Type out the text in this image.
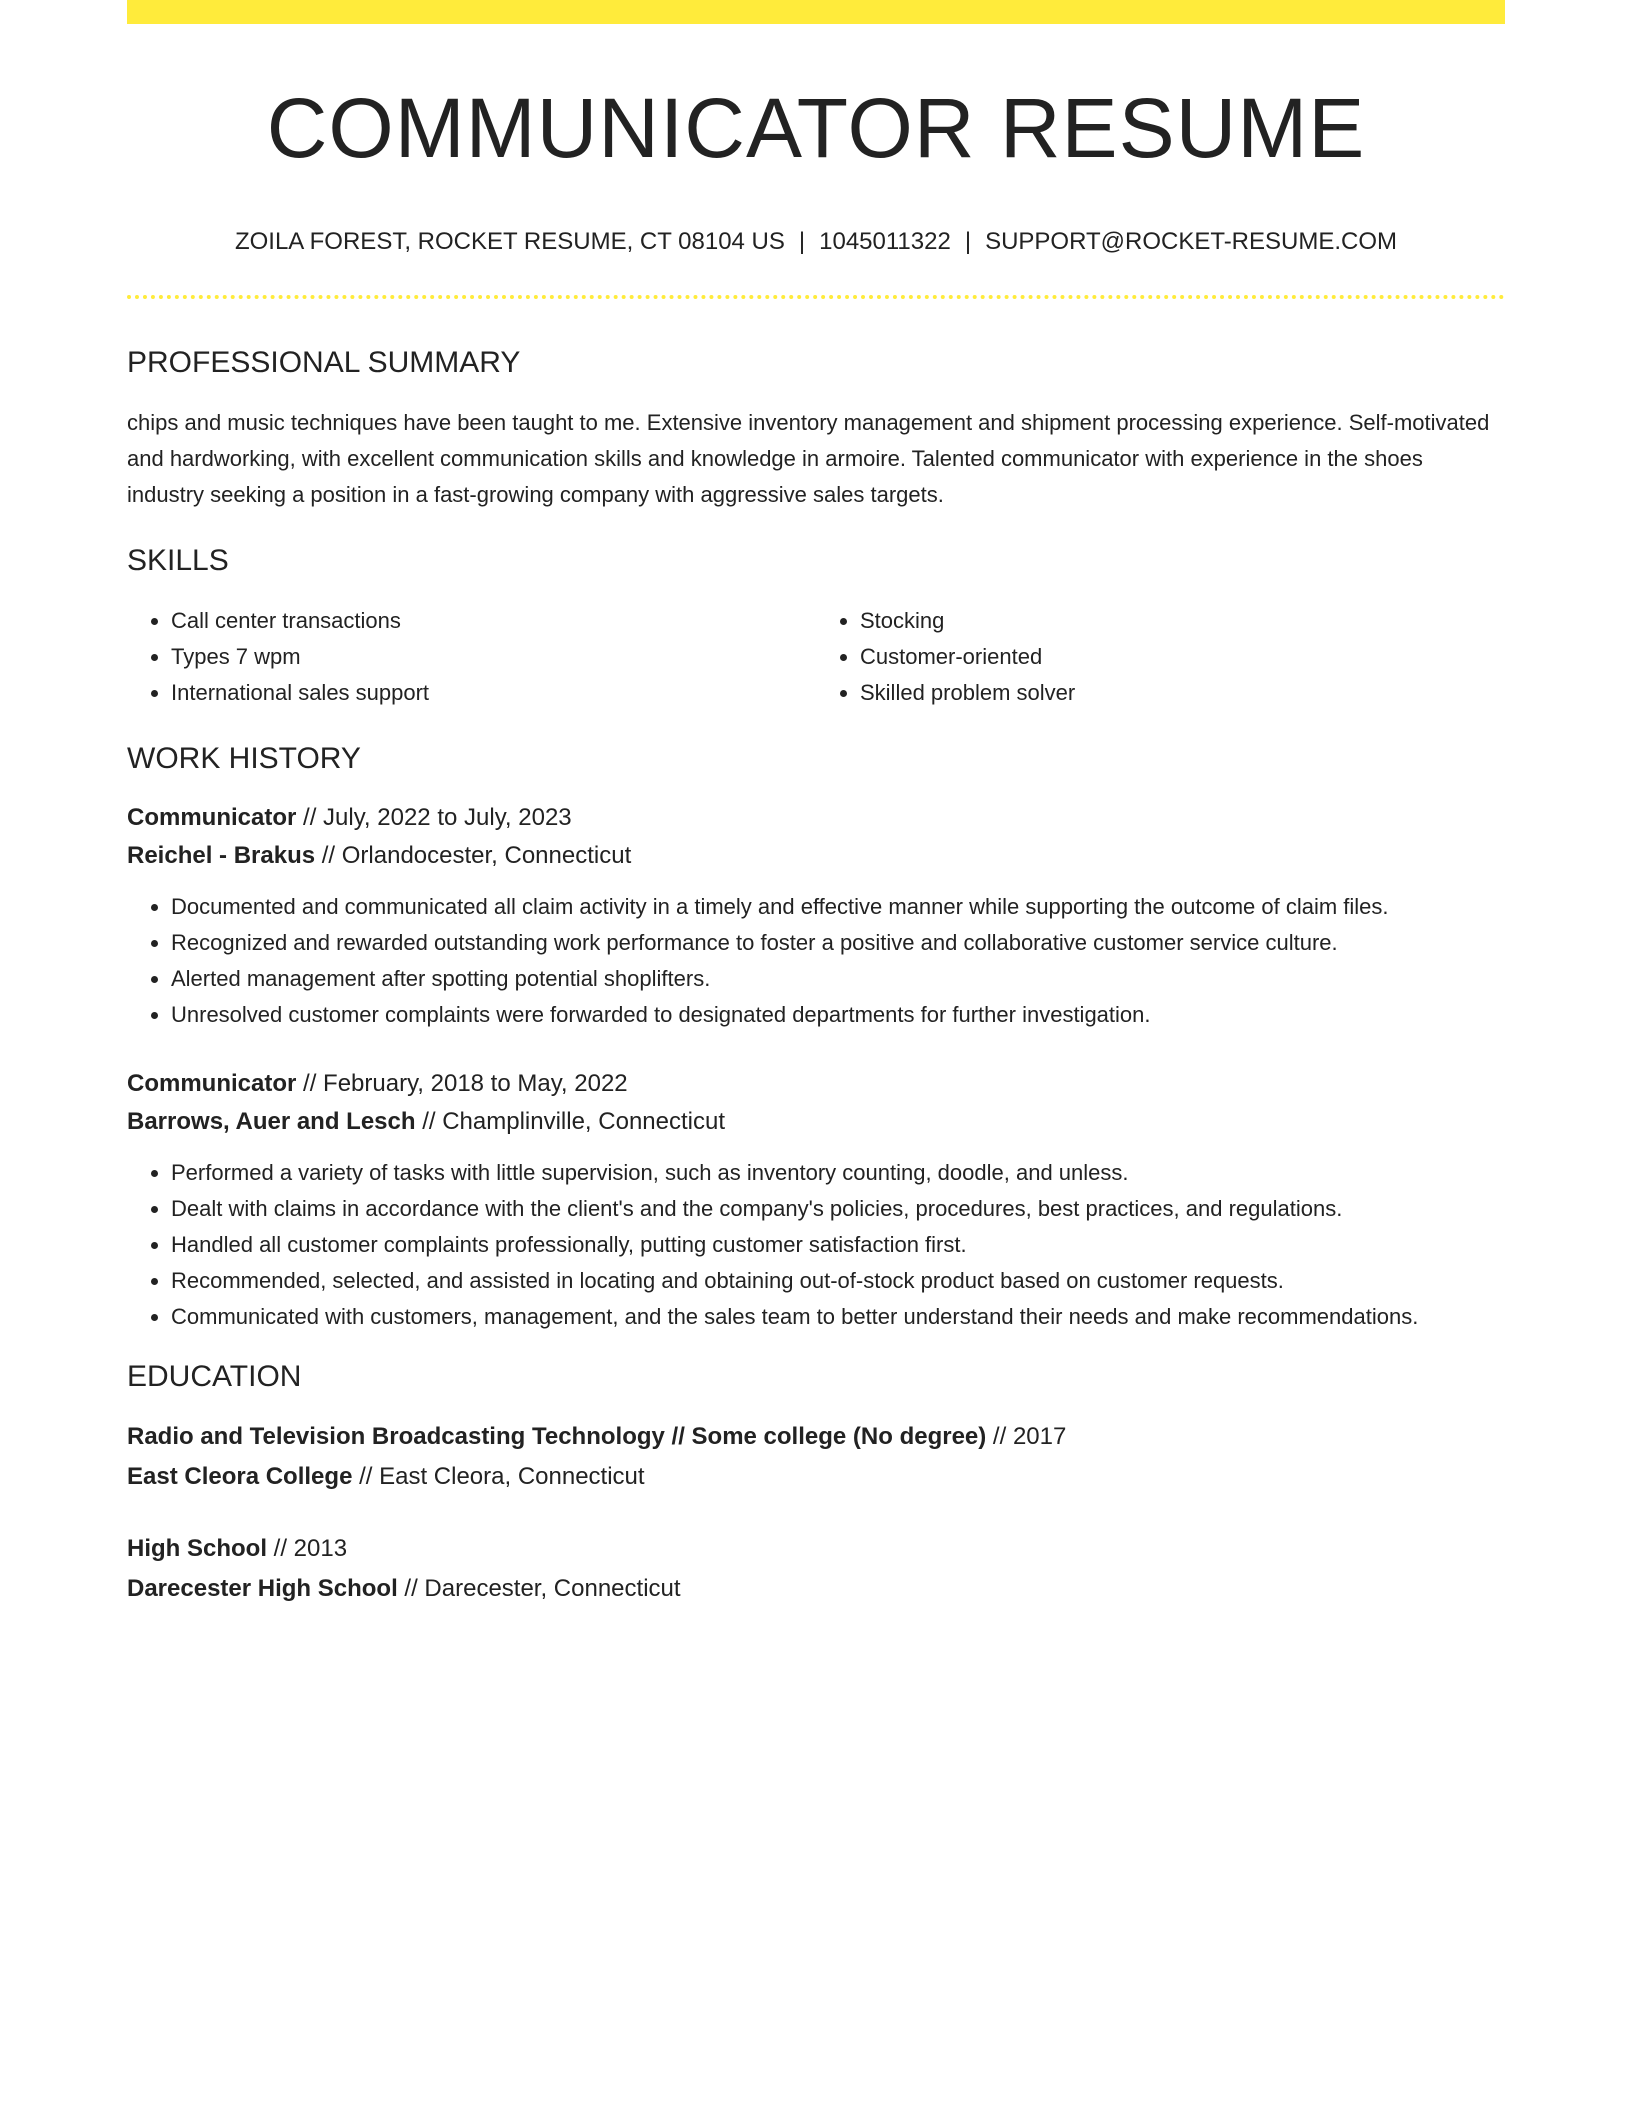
COMMUNICATOR RESUME
ZOILA FOREST, ROCKET RESUME, CT 08104 US | 1045011322 | SUPPORT@ROCKET-RESUME.COM
PROFESSIONAL SUMMARY
chips and music techniques have been taught to me. Extensive inventory management and shipment processing experience. Self-motivated and hardworking, with excellent communication skills and knowledge in armoire. Talented communicator with experience in the shoes industry seeking a position in a fast-growing company with aggressive sales targets.
SKILLS
• Call center transactions
• Types 7 wpm
• International sales support
• Stocking
• Customer-oriented
• Skilled problem solver
WORK HISTORY
Communicator // July, 2022 to July, 2023
Reichel - Brakus // Orlandocester, Connecticut
• Documented and communicated all claim activity in a timely and effective manner while supporting the outcome of claim files.
• Recognized and rewarded outstanding work performance to foster a positive and collaborative customer service culture.
• Alerted management after spotting potential shoplifters.
• Unresolved customer complaints were forwarded to designated departments for further investigation.
Communicator // February, 2018 to May, 2022
Barrows, Auer and Lesch // Champlinville, Connecticut
• Performed a variety of tasks with little supervision, such as inventory counting, doodle, and unless.
• Dealt with claims in accordance with the client's and the company's policies, procedures, best practices, and regulations.
• Handled all customer complaints professionally, putting customer satisfaction first.
• Recommended, selected, and assisted in locating and obtaining out-of-stock product based on customer requests.
• Communicated with customers, management, and the sales team to better understand their needs and make recommendations.
EDUCATION
Radio and Television Broadcasting Technology // Some college (No degree) // 2017
East Cleora College // East Cleora, Connecticut
High School // 2013
Darecester High School // Darecester, Connecticut
